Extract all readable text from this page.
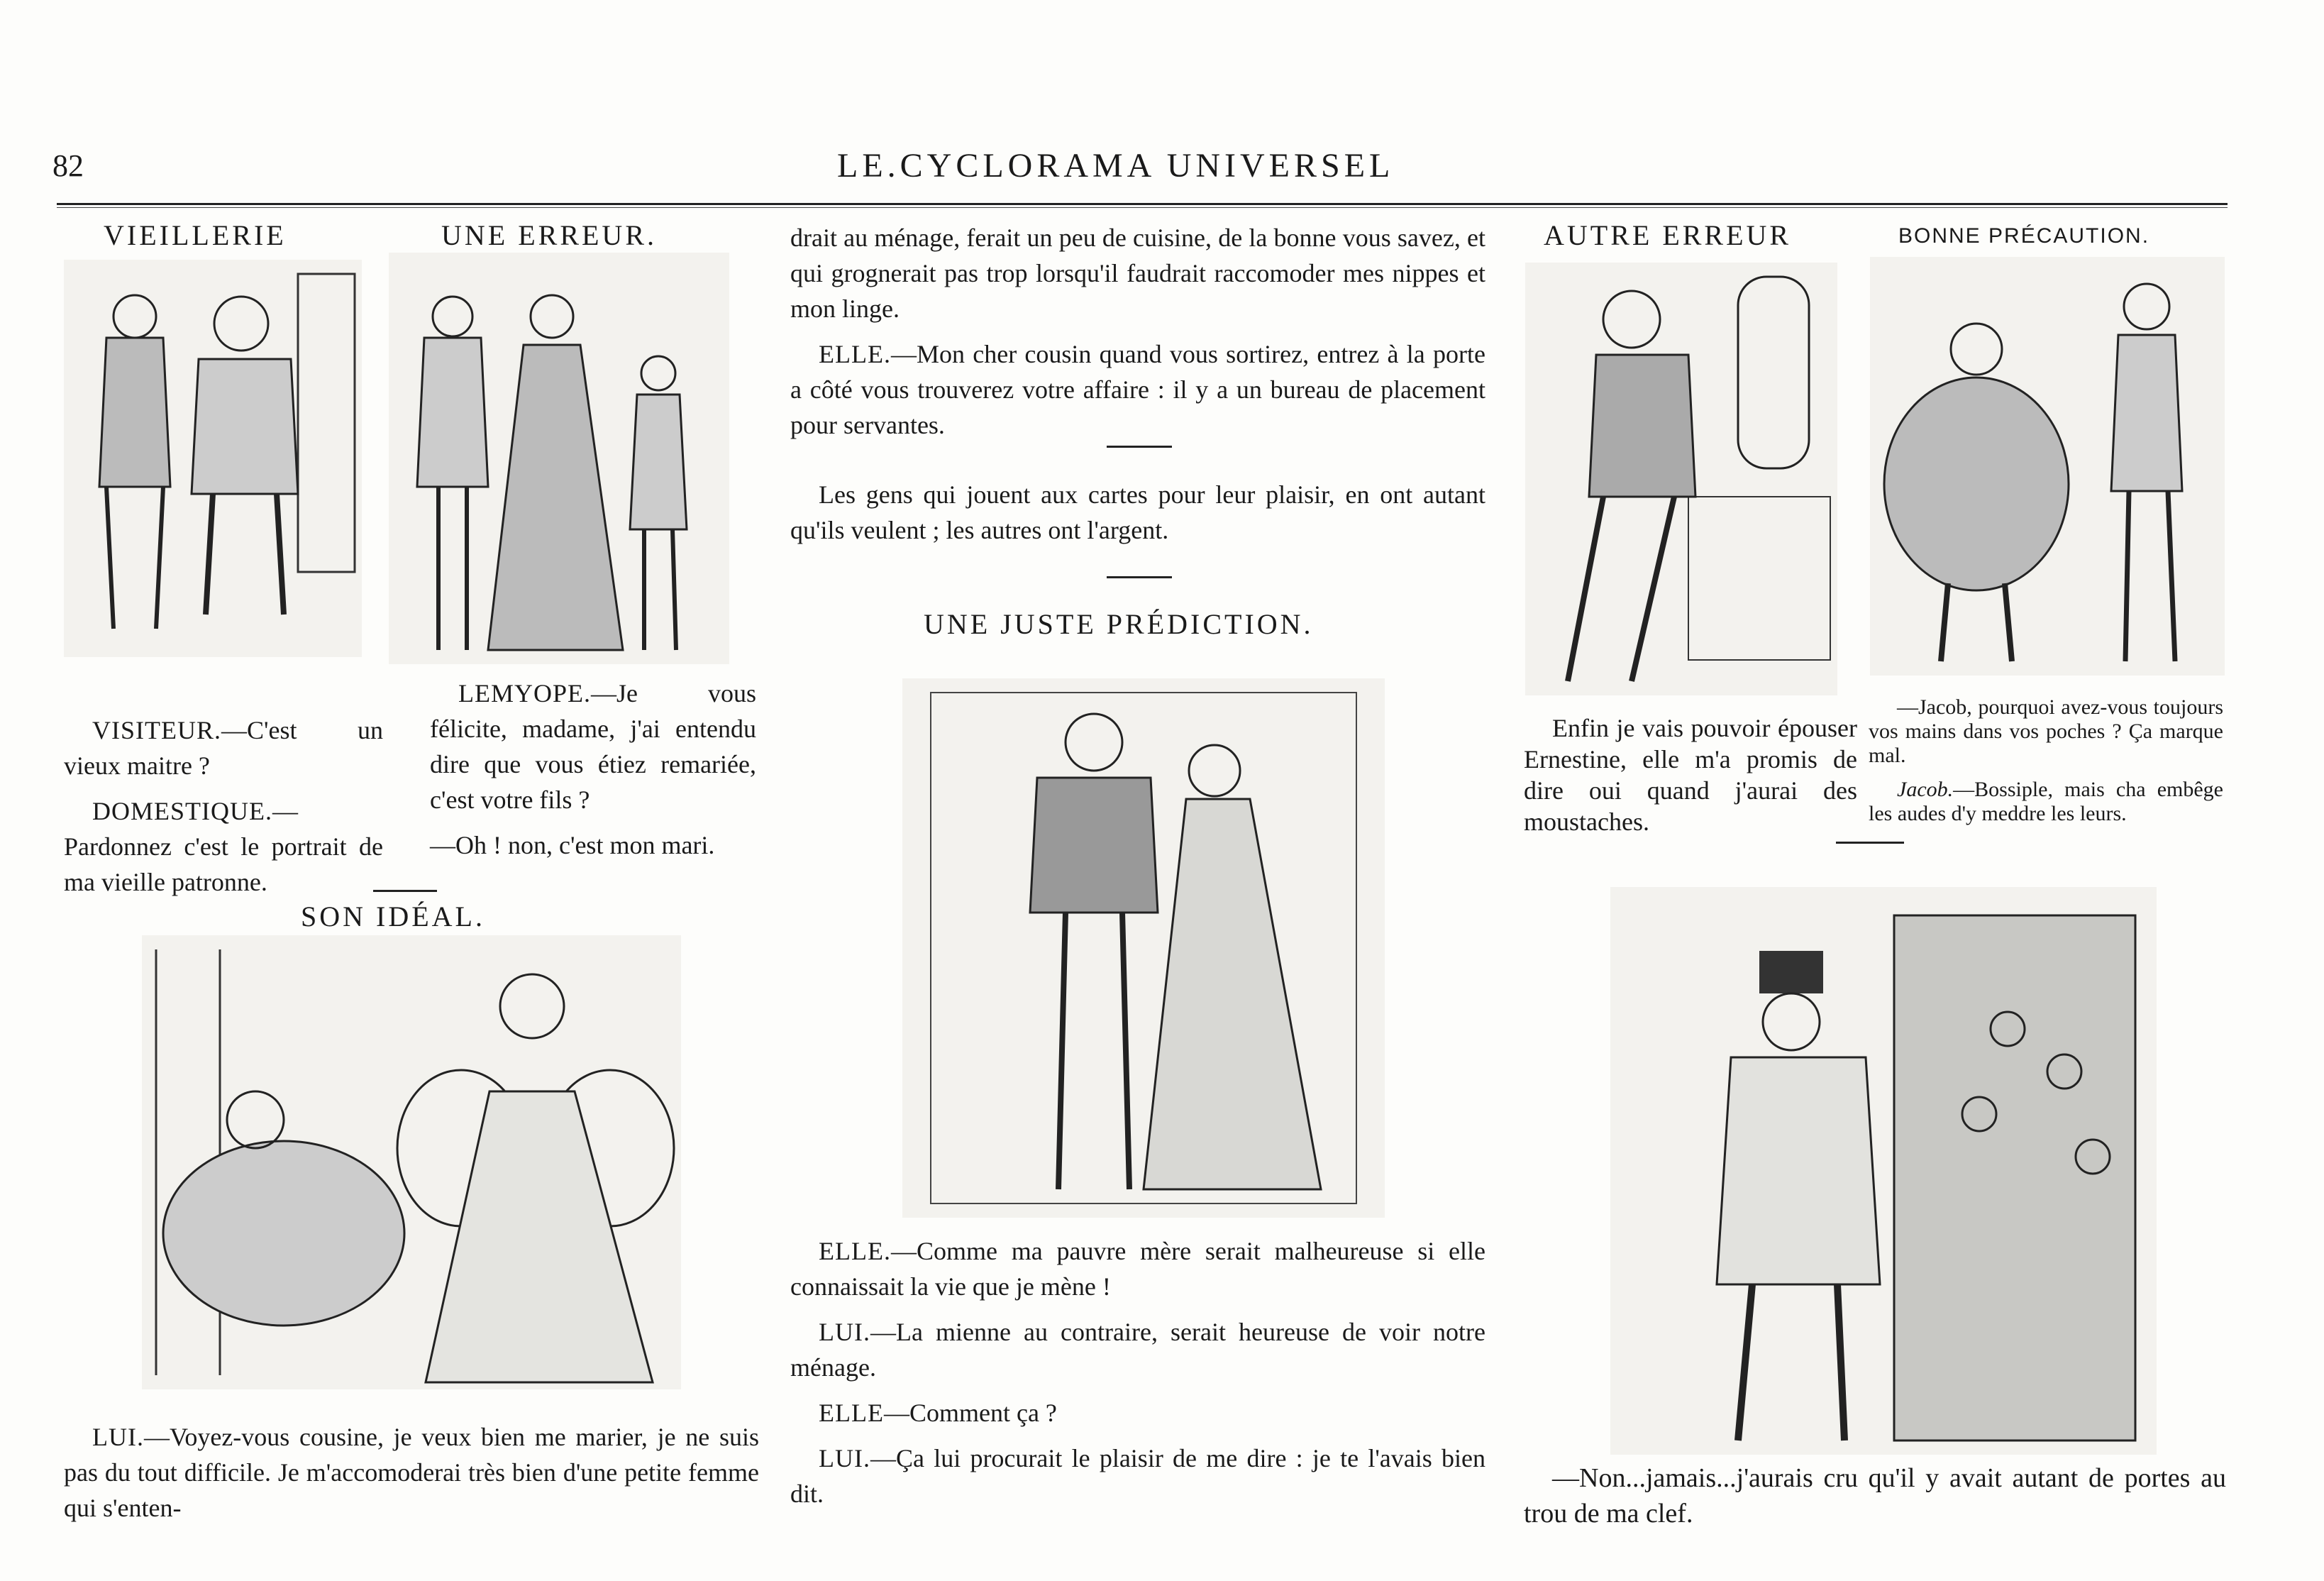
82	LE.CYCLORAMA UNIVERSEL
VIEILLERIE

VISITEUR.—C'est un vieux maitre ?

DOMESTIQUE.— Pardonnez c'est le portrait de ma vieille patronne.

UNE ERREUR.

LEMYOPE.—Je vous félicite, madame, j'ai entendu dire que vous étiez remariée, c'est votre fils ?

—Oh ! non, c'est mon mari.

SON IDÉAL.

LUI.—Voyez-vous cousine, je veux bien me marier, je ne suis pas du tout difficile. Je m'accomoderai très bien d'une petite femme qui s'enten-

drait au ménage, ferait un peu de cuisine, de la bonne vous savez, et qui grognerait pas trop lorsqu'il faudrait raccomoder mes nippes et mon linge.

ELLE.—Mon cher cousin quand vous sortirez, entrez à la porte a côté vous trouverez votre affaire : il y a un bureau de placement pour servantes.

Les gens qui jouent aux cartes pour leur plaisir, en ont autant qu'ils veulent ; les autres ont l'argent.

UNE JUSTE PRÉDICTION.

ELLE.—Comme ma pauvre mère serait malheureuse si elle connaissait la vie que je mène !

LUI.—La mienne au contraire, serait heureuse de voir notre ménage.

ELLE—Comment ça ?

LUI.—Ça lui procurait le plaisir de me dire : je te l'avais bien dit.

AUTRE ERREUR

Enfin je vais pouvoir épouser Ernestine, elle m'a promis de dire oui quand j'aurai des moustaches.

BONNE PRÉCAUTION.

—Jacob, pourquoi avez-vous toujours vos mains dans vos poches ? Ça marque mal.

Jacob.—Bossiple, mais cha embêge les audes d'y meddre les leurs.

—Non...jamais...j'aurais cru qu'il y avait autant de portes au trou de ma clef.
